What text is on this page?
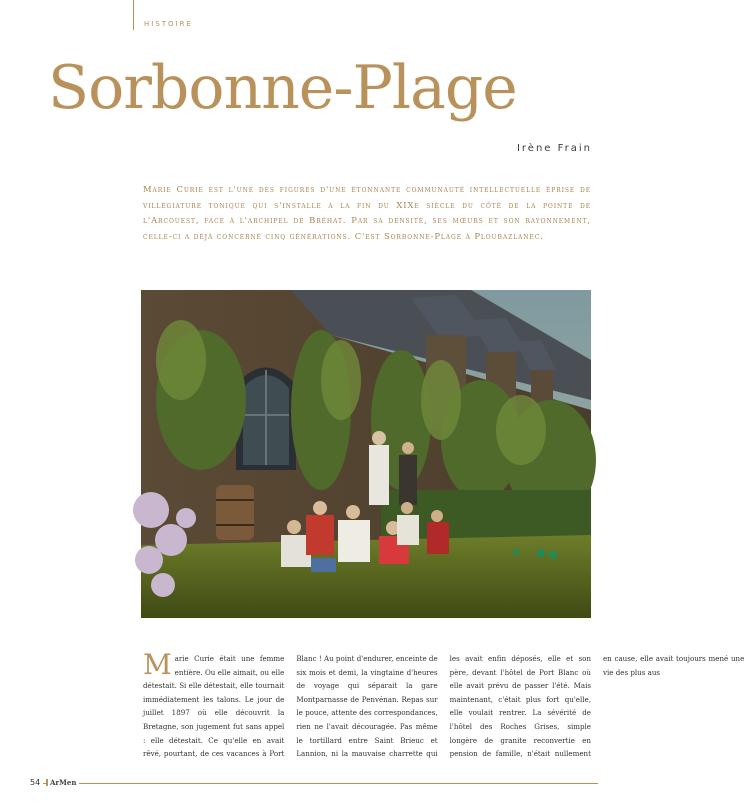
HISTOIRE
Sorbonne-Plage
Irène Frain
Marie Curie est l'une des figures d'une étonnante communauté intellectuelle éprise de villégiature tonique qui s'installe à la fin du XIXe siècle du côté de la pointe de l'Arcouest, face à l'archipel de Bréhat. Par sa densité, ses mœurs et son rayonnement, celle-ci a déjà concerné cinq générations. C'est Sorbonne-Plage à Ploubazlanec.
Marie Curie était une femme entière. Ou elle aimait, ou elle détestait. Si elle détestait, elle tournait immédiatement les talons. Le jour de juillet 1897 où elle découvrit la Bretagne, son jugement fut sans appel : elle détestait. Ce qu'elle en avait rêvé, pourtant, de ces vacances à Port Blanc ! Au point d'endurer, enceinte de six mois et demi, la vingtaine d'heures de voyage qui séparait la gare Montparnasse de Penvénan. Repas sur le pouce, attente des correspondances, rien ne l'avait découragée. Pas même le tortillard entre Saint Brieuc et Lannion, ni la mauvaise charrette qui les avait enfin déposés, elle et son père, devant l'hôtel de Port Blanc où elle avait prévu de passer l'été. Mais maintenant, c'était plus fort qu'elle, elle voulait rentrer. La sévérité de l'hôtel des Roches Grises, simple longère de granite reconvertie en pension de famille, n'était nullement en cause, elle avait toujours mené une vie des plus aus
54	ArMen
